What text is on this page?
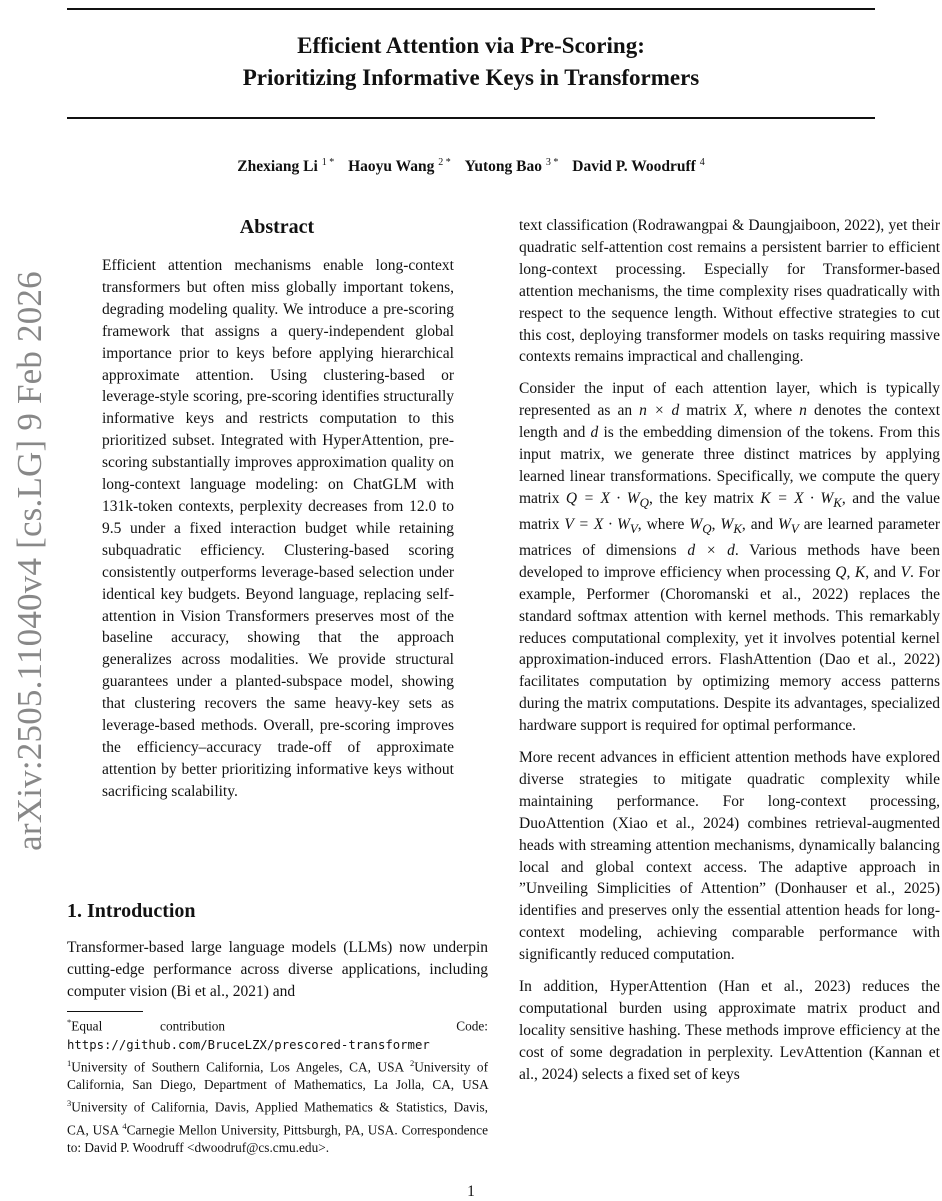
Efficient Attention via Pre-Scoring:
Prioritizing Informative Keys in Transformers
Zhexiang Li $^{1 *}$ Haoyu Wang $^{2 *}$ Yutong Bao $^{3 *}$ David P. Woodruff $^4$
arXiv:2505.11040v4 [cs.LG] 9 Feb 2026
Abstract
Efficient attention mechanisms enable long-context transformers but often miss globally important tokens, degrading modeling quality. We introduce a pre-scoring framework that assigns a query-independent global importance prior to keys before applying hierarchical approximate attention. Using clustering-based or leverage-style scoring, pre-scoring identifies structurally informative keys and restricts computation to this prioritized subset. Integrated with HyperAttention, pre-scoring substantially improves approximation quality on long-context language modeling: on ChatGLM with 131k-token contexts, perplexity decreases from 12.0 to 9.5 under a fixed interaction budget while retaining subquadratic efficiency. Clustering-based scoring consistently outperforms leverage-based selection under identical key budgets. Beyond language, replacing self-attention in Vision Transformers preserves most of the baseline accuracy, showing that the approach generalizes across modalities. We provide structural guarantees under a planted-subspace model, showing that clustering recovers the same heavy-key sets as leverage-based methods. Overall, pre-scoring improves the efficiency–accuracy trade-off of approximate attention by better prioritizing informative keys without sacrificing scalability.
1. Introduction
Transformer-based large language models (LLMs) now underpin cutting-edge performance across diverse applications, including computer vision (Bi et al., 2021) and
*Equal contribution	Code: https://github.com/BruceLZX/prescored-transformer $^1$University of Southern California, Los Angeles, CA, USA $^2$University of California, San Diego, Department of Mathematics, La Jolla, CA, USA $^3$University of California, Davis, Applied Mathematics & Statistics, Davis, CA, USA $^4$Carnegie Mellon University, Pittsburgh, PA, USA. Correspondence to: David P. Woodruff <dwoodruf@cs.cmu.edu>.

text classification (Rodrawangpai & Daungjaiboon, 2022), yet their quadratic self-attention cost remains a persistent barrier to efficient long-context processing. Especially for Transformer-based attention mechanisms, the time complexity rises quadratically with respect to the sequence length. Without effective strategies to cut this cost, deploying transformer models on tasks requiring massive contexts remains impractical and challenging.

Consider the input of each attention layer, which is typically represented as an n × d matrix X, where n denotes the context length and d is the embedding dimension of the tokens. From this input matrix, we generate three distinct matrices by applying learned linear transformations. Specifically, we compute the query matrix $Q = X \cdot W_Q$, the key matrix $K = X \cdot W_K$, and the value matrix $V = X \cdot W_V$, where $W_Q$, $W_K$, and $W_V$ are learned parameter matrices of dimensions d × d. Various methods have been developed to improve efficiency when processing Q, K, and V. For example, Performer (Choromanski et al., 2022) replaces the standard softmax attention with kernel methods. This remarkably reduces computational complexity, yet it involves potential kernel approximation-induced errors. FlashAttention (Dao et al., 2022) facilitates computation by optimizing memory access patterns during the matrix computations. Despite its advantages, specialized hardware support is required for optimal performance.

More recent advances in efficient attention methods have explored diverse strategies to mitigate quadratic complexity while maintaining performance. For long-context processing, DuoAttention (Xiao et al., 2024) combines retrieval-augmented heads with streaming attention mechanisms, dynamically balancing local and global context access. The adaptive approach in ”Unveiling Simplicities of Attention” (Donhauser et al., 2025) identifies and preserves only the essential attention heads for long-context modeling, achieving comparable performance with significantly reduced computation.

In addition, HyperAttention (Han et al., 2023) reduces the computational burden using approximate matrix product and locality sensitive hashing. These methods improve efficiency at the cost of some degradation in perplexity. LevAttention (Kannan et al., 2024) selects a fixed set of keys

1
